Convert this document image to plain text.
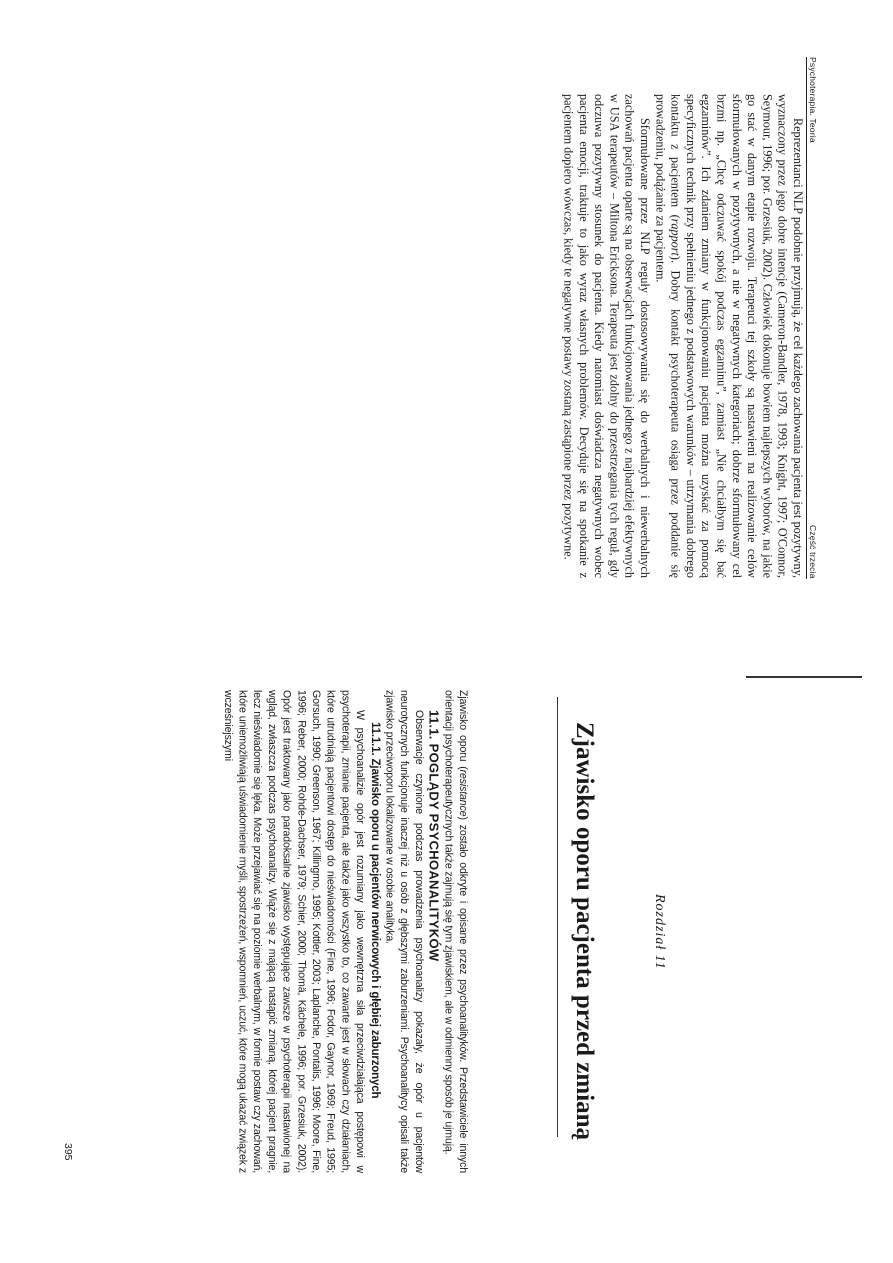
Psychoterapia. Teoria
Część trzecia

Reprezentanci NLP podobnie przyjmują, że cel każdego zachowania pacjenta jest pozytywny, wyznaczony przez jego dobre intencje (Cameron-Bandler, 1978, 1993; Knight, 1997; O'Connor, Seymour, 1996; por. Grzesiuk, 2002). Człowiek dokonuje bowiem najlepszych wyborów, na jakie go stać w danym etapie rozwoju. Terapeuci tej szkoły są nastawieni na realizowanie celów sformułowanych w pozytywnych, a nie w negatywnych kategoriach; dobrze sformułowany cel brzmi np. „Chcę odczuwać spokój podczas egzaminu”, zamiast „Nie chciałbym się bać egzaminów”. Ich zdaniem zmiany w funkcjonowaniu pacjenta można uzyskać za pomocą specyficznych technik przy spełnieniu jednego z podstawowych warunków – utrzymania dobrego kontaktu z pacjentem (rapport). Dobry kontakt psychoterapeuta osiąga przez poddanie się prowadzeniu, podążanie za pacjentem.

Sformułowane przez NLP reguły dostosowywania się do werbalnych i niewerbalnych zachowań pacjenta oparte są na obserwacjach funkcjonowania jednego z najbardziej efektywnych w USA terapeutów – Miltona Ericksona. Terapeuta jest zdolny do przestrzegania tych reguł, gdy odczuwa pozytywny stosunek do pacjenta. Kiedy natomiast doświadcza negatywnych wobec pacjenta emocji, traktuje to jako wyraz własnych problemów. Decyduje się na spotkanie z pacjentem dopiero wówczas, kiedy te negatywne postawy zostaną zastąpione przez pozytywne.

Rozdział 11
Zjawisko oporu pacjenta przed zmianą

Zjawisko oporu (resistance) zostało odkryte i opisane przez psychoanalityków. Przedstawiciele innych orientacji psychoterapeutycznych także zajmują się tym zjawiskiem, ale w odmienny sposób je ujmują.

11.1. POGLĄDY PSYCHOANALITYKÓW

Obserwacje czynione podczas prowadzenia psychoanalizy pokazały, że opór u pacjentów neurotycznych funkcjonuje inaczej niż u osób z głębszymi zaburzeniami. Psychoanalitycy opisali także zjawisko przeciwoporu lokalizowane w osobie analityka.

11.1.1. Zjawisko oporu u pacjentów nerwicowych i głębiej zaburzonych

W psychoanalizie opór jest rozumiany jako wewnętrzna siła przeciwdziałająca postępowi w psychoterapii, zmianie pacjenta, ale także jako wszystko to, co zawarte jest w słowach czy działaniach, które utrudniają pacjentowi dostęp do nieświadomości (Fine, 1996; Fodor, Gaynor, 1969; Freud, 1995; Gorsuch, 1990; Greenson, 1967; Killingmo, 1995; Kottler, 2003; Laplanche, Pontalis, 1996; Moore, Fine, 1996; Reber, 2000; Rohde-Dachser, 1979; Schier, 2000; Thomä, Kächele, 1996; por. Grzesiuk, 2002). Opór jest traktowany jako paradoksalne zjawisko występujące zawsze w psychoterapii nastawionej na wgląd, zwłaszcza podczas psychoanalizy. Wiąże się z mającą nastąpić zmianą, której pacjent pragnie, lecz nieświadomie się lęka. Może przejawiać się na poziomie werbalnym, w formie postaw czy zachowań, które uniemożliwiają uświadomienie myśli, spostrzeżeń, wspomnień, uczuć, które mogą ukazać związek z wcześniejszymi

395
